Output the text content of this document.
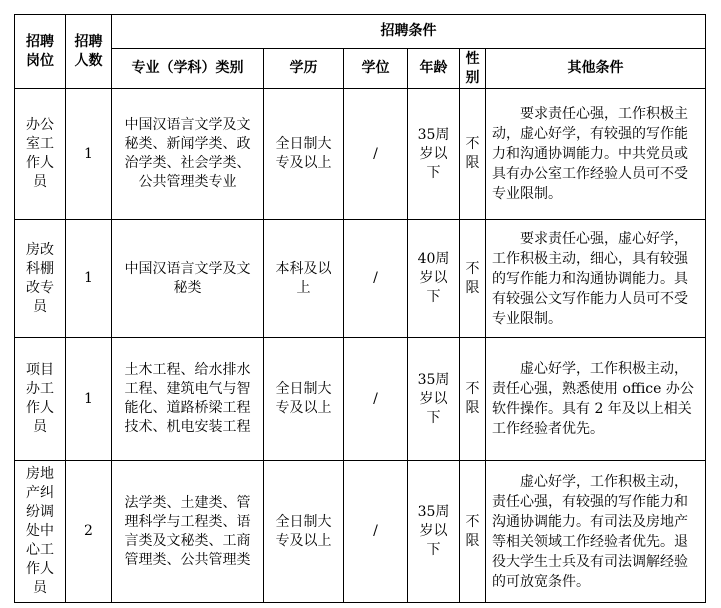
招聘岗位	招聘人数	招聘条件					
		专业（学科）类别	学历	学位	年龄	性别	其他条件
办公室工作人员	1	中国汉语言文学及文秘类、新闻学类、政治学类、社会学类、公共管理类专业	全日制大专及以上	/	35周岁以下	不限	要求责任心强，工作积极主动，虚心好学，有较强的写作能力和沟通协调能力。中共党员或具有办公室工作经验人员可不受专业限制。
房改科棚改专员	1	中国汉语言文学及文秘类	本科及以上	/	40周岁以下	不限	要求责任心强，虚心好学，工作积极主动，细心，具有较强的写作能力和沟通协调能力。具有较强公文写作能力人员可不受专业限制。
项目办工作人员	1	土木工程、给水排水工程、建筑电气与智能化、道路桥梁工程技术、机电安装工程	全日制大专及以上	/	35周岁以下	不限	虚心好学，工作积极主动，责任心强，熟悉使用 office 办公软件操作。具有 2 年及以上相关工作经验者优先。
房地产纠纷调处中心工作人员	2	法学类、土建类、管理科学与工程类、语言类及文秘类、工商管理类、公共管理类	全日制大专及以上	/	35周岁以下	不限	虚心好学，工作积极主动，责任心强，有较强的写作能力和沟通协调能力。有司法及房地产等相关领域工作经验者优先。退役大学生士兵及有司法调解经验的可放宽条件。
